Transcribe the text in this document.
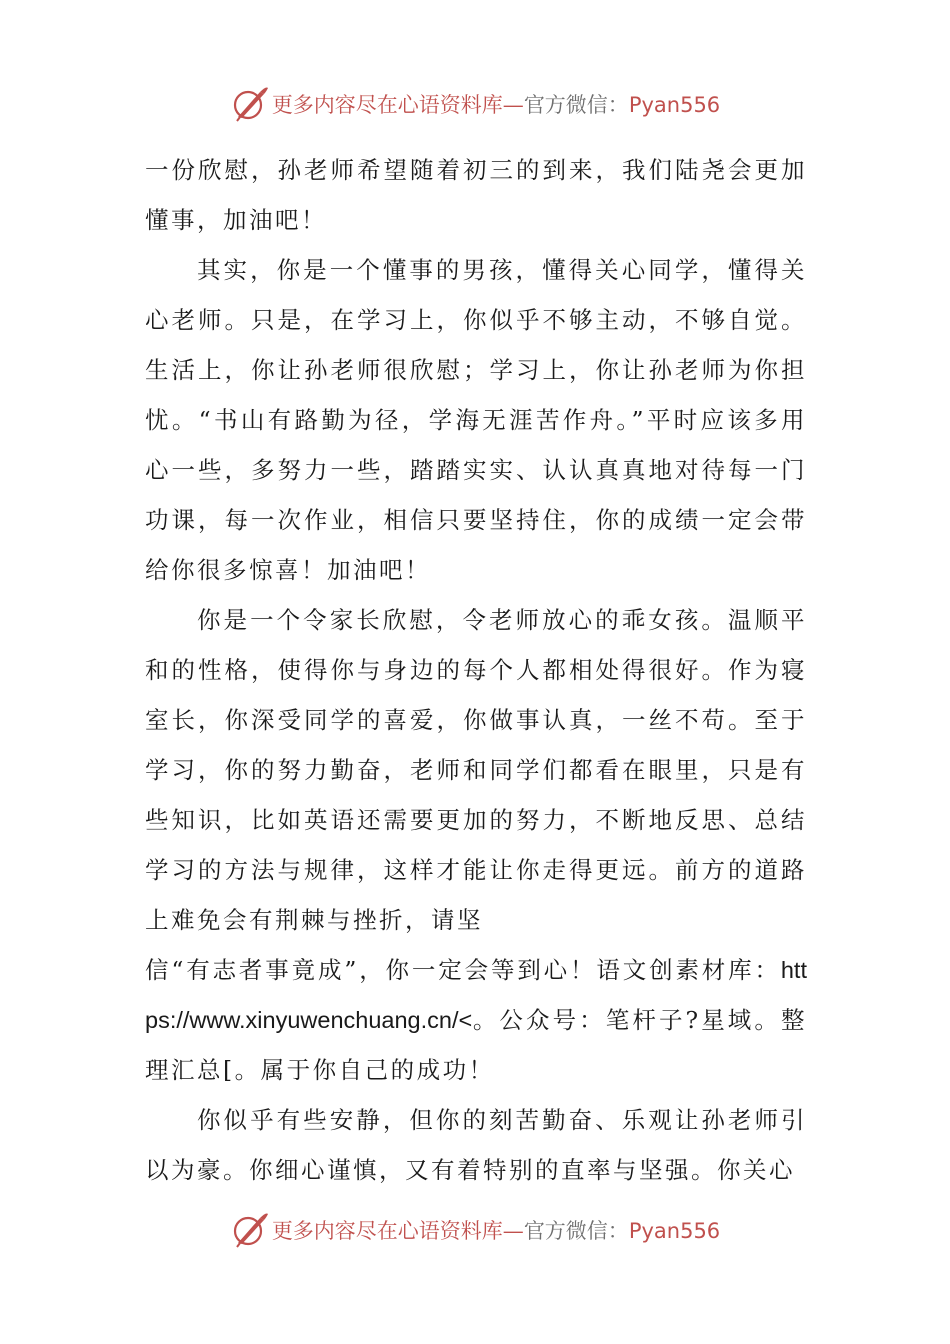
更多内容尽在心语资料库—官方微信：Pyan556

一份欣慰，孙老师希望随着初三的到来，我们陆尧会更加懂事，加油吧！

其实，你是一个懂事的男孩，懂得关心同学，懂得关心老师。只是，在学习上，你似乎不够主动，不够自觉。生活上，你让孙老师很欣慰；学习上，你让孙老师为你担忧。“书山有路勤为径，学海无涯苦作舟。”平时应该多用心一些，多努力一些，踏踏实实、认认真真地对待每一门功课，每一次作业，相信只要坚持住，你的成绩一定会带给你很多惊喜！加油吧！

你是一个令家长欣慰，令老师放心的乖女孩。温顺平和的性格，使得你与身边的每个人都相处得很好。作为寝室长，你深受同学的喜爱，你做事认真，一丝不苟。至于学习，你的努力勤奋，老师和同学们都看在眼里，只是有些知识，比如英语还需要更加的努力，不断地反思、总结学习的方法与规律，这样才能让你走得更远。前方的道路上难免会有荆棘与挫折，请坚

信“有志者事竟成”，你一定会等到心！语文创素材库：https://www.xinyuwenchuang.cn/<。公众号：笔杆子?星域。整理汇总[。属于你自己的成功！

你似乎有些安静，但你的刻苦勤奋、乐观让孙老师引以为豪。你细心谨慎，又有着特别的直率与坚强。你关心

更多内容尽在心语资料库—官方微信：Pyan556
